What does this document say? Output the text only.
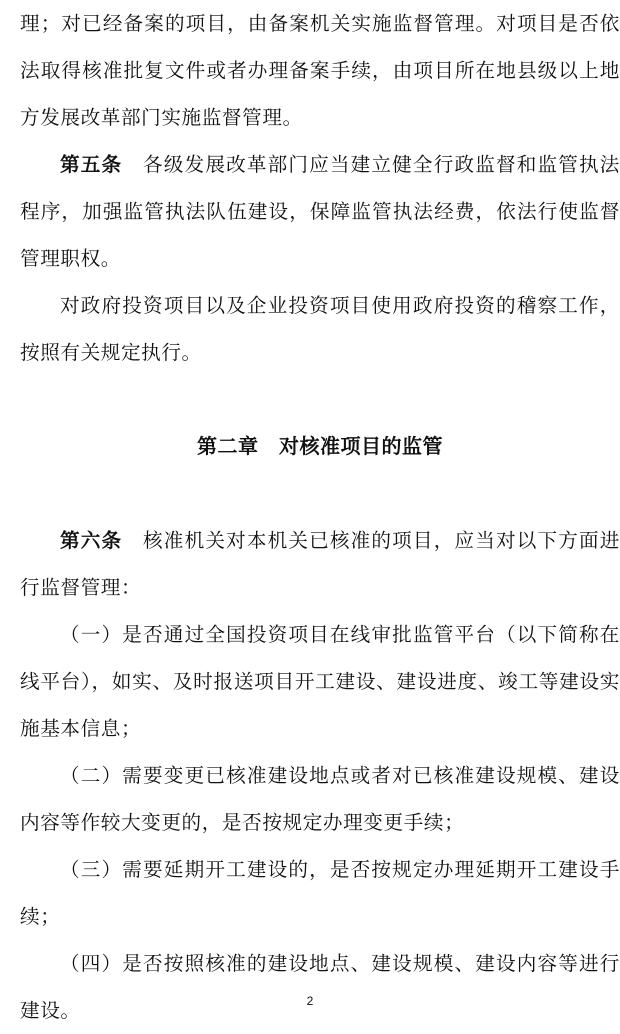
理；对已经备案的项目，由备案机关实施监督管理。对项目是否依法取得核准批复文件或者办理备案手续，由项目所在地县级以上地方发展改革部门实施监督管理。

第五条　 各级发展改革部门应当建立健全行政监督和监管执法程序，加强监管执法队伍建设，保障监管执法经费，依法行使监督管理职权。

对政府投资项目以及企业投资项目使用政府投资的稽察工作，按照有关规定执行。

第二章　对核准项目的监管

第六条　 核准机关对本机关已核准的项目，应当对以下方面进行监督管理：

（一）是否通过全国投资项目在线审批监管平台（以下简称在线平台），如实、及时报送项目开工建设、建设进度、竣工等建设实施基本信息；

（二）需要变更已核准建设地点或者对已核准建设规模、建设内容等作较大变更的，是否按规定办理变更手续；

（三）需要延期开工建设的，是否按规定办理延期开工建设手续；

（四）是否按照核准的建设地点、建设规模、建设内容等进行建设。	2
